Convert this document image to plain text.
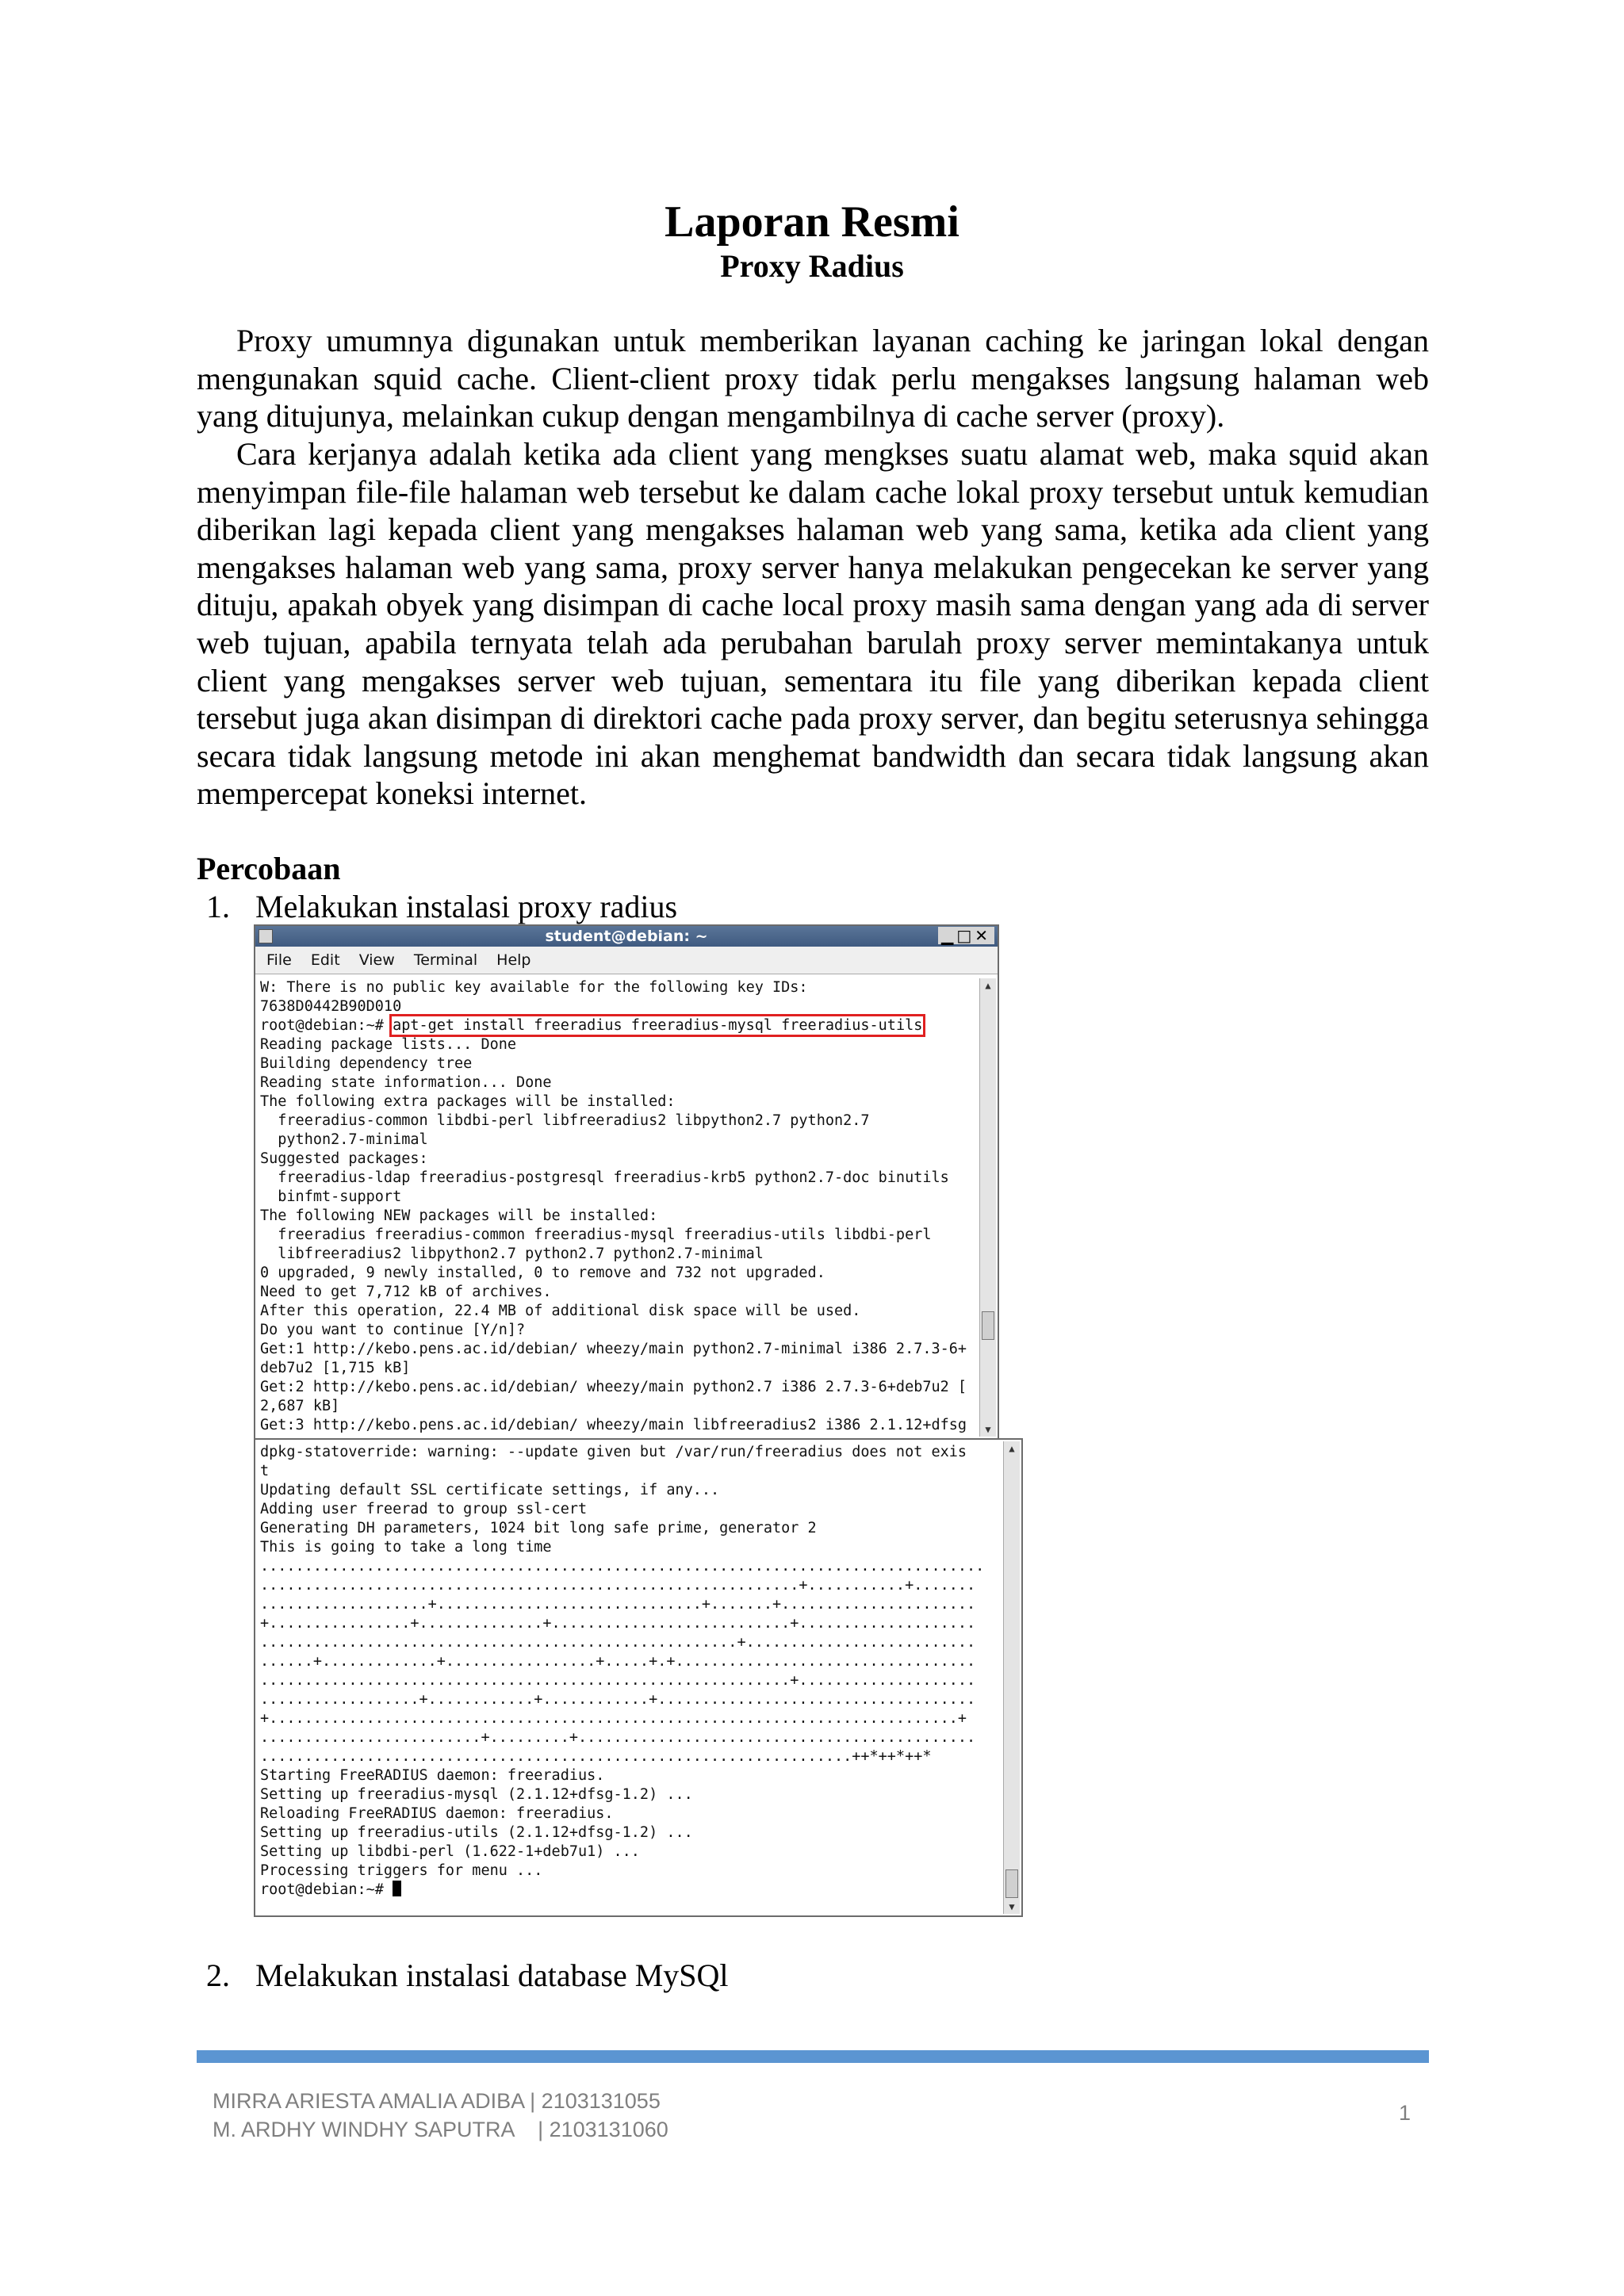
Laporan Resmi
Proxy Radius

Proxy umumnya digunakan untuk memberikan layanan caching ke jaringan lokal dengan mengunakan squid cache. Client-client proxy tidak perlu mengakses langsung halaman web yang ditujunya, melainkan cukup dengan mengambilnya di cache server (proxy).

Cara kerjanya adalah ketika ada client yang mengkses suatu alamat web, maka squid akan menyimpan file-file halaman web tersebut ke dalam cache lokal proxy tersebut untuk kemudian diberikan lagi kepada client yang mengakses halaman web yang sama, ketika ada client yang mengakses halaman web yang sama, proxy server hanya melakukan pengecekan ke server yang dituju, apakah obyek yang disimpan di cache local proxy masih sama dengan yang ada di server web tujuan, apabila ternyata telah ada perubahan barulah proxy server memintakanya untuk client yang mengakses server web tujuan, sementara itu file yang diberikan kepada client tersebut juga akan disimpan di direktori cache pada proxy server, dan begitu seterusnya sehingga secara tidak langsung metode ini akan menghemat bandwidth dan secara tidak langsung akan mempercepat koneksi internet.

Percobaan
1. Melakukan instalasi proxy radius
student@debian: ~	▁□✕
File Edit View Terminal Help
W: There is no public key available for the following key IDs:
7638D0442B90D010
root@debian:~# apt-get install freeradius freeradius-mysql freeradius-utils
Reading package lists... Done
Building dependency tree
Reading state information... Done
The following extra packages will be installed:
freeradius-common libdbi-perl libfreeradius2 libpython2.7 python2.7
python2.7-minimal
Suggested packages:
freeradius-ldap freeradius-postgresql freeradius-krb5 python2.7-doc binutils
binfmt-support
The following NEW packages will be installed:
freeradius freeradius-common freeradius-mysql freeradius-utils libdbi-perl
libfreeradius2 libpython2.7 python2.7 python2.7-minimal
0 upgraded, 9 newly installed, 0 to remove and 732 not upgraded.
Need to get 7,712 kB of archives.
After this operation, 22.4 MB of additional disk space will be used.
Do you want to continue [Y/n]?
Get:1 http://kebo.pens.ac.id/debian/ wheezy/main python2.7-minimal i386 2.7.3-6+
deb7u2 [1,715 kB]
Get:2 http://kebo.pens.ac.id/debian/ wheezy/main python2.7 i386 2.7.3-6+deb7u2 [
2,687 kB]
Get:3 http://kebo.pens.ac.id/debian/ wheezy/main libfreeradius2 i386 2.1.12+dfsg
▲
▼
dpkg-statoverride: warning: --update given but /var/run/freeradius does not exis
t
Updating default SSL certificate settings, if any...
Adding user freerad to group ssl-cert
Generating DH parameters, 1024 bit long safe prime, generator 2
This is going to take a long time
..................................................................................
.............................................................+...........+.......
...................+..............................+.......+......................
+................+..............+...........................+....................
......................................................+..........................
......+.............+.................+.....+.+..................................
............................................................+....................
..................+............+............+....................................
+..............................................................................+
.........................+.........+.............................................
...................................................................++*++*++*
Starting FreeRADIUS daemon: freeradius.
Setting up freeradius-mysql (2.1.12+dfsg-1.2) ...
Reloading FreeRADIUS daemon: freeradius.
Setting up freeradius-utils (2.1.12+dfsg-1.2) ...
Setting up libdbi-perl (1.622-1+deb7u1) ...
Processing triggers for menu ...
root@debian:~#
▲
▼
2. Melakukan instalasi database MySQl
MIRRA ARIESTA AMALIA ADIBA | 2103131055
M. ARDHY WINDHY SAPUTRA    | 2103131060
1
